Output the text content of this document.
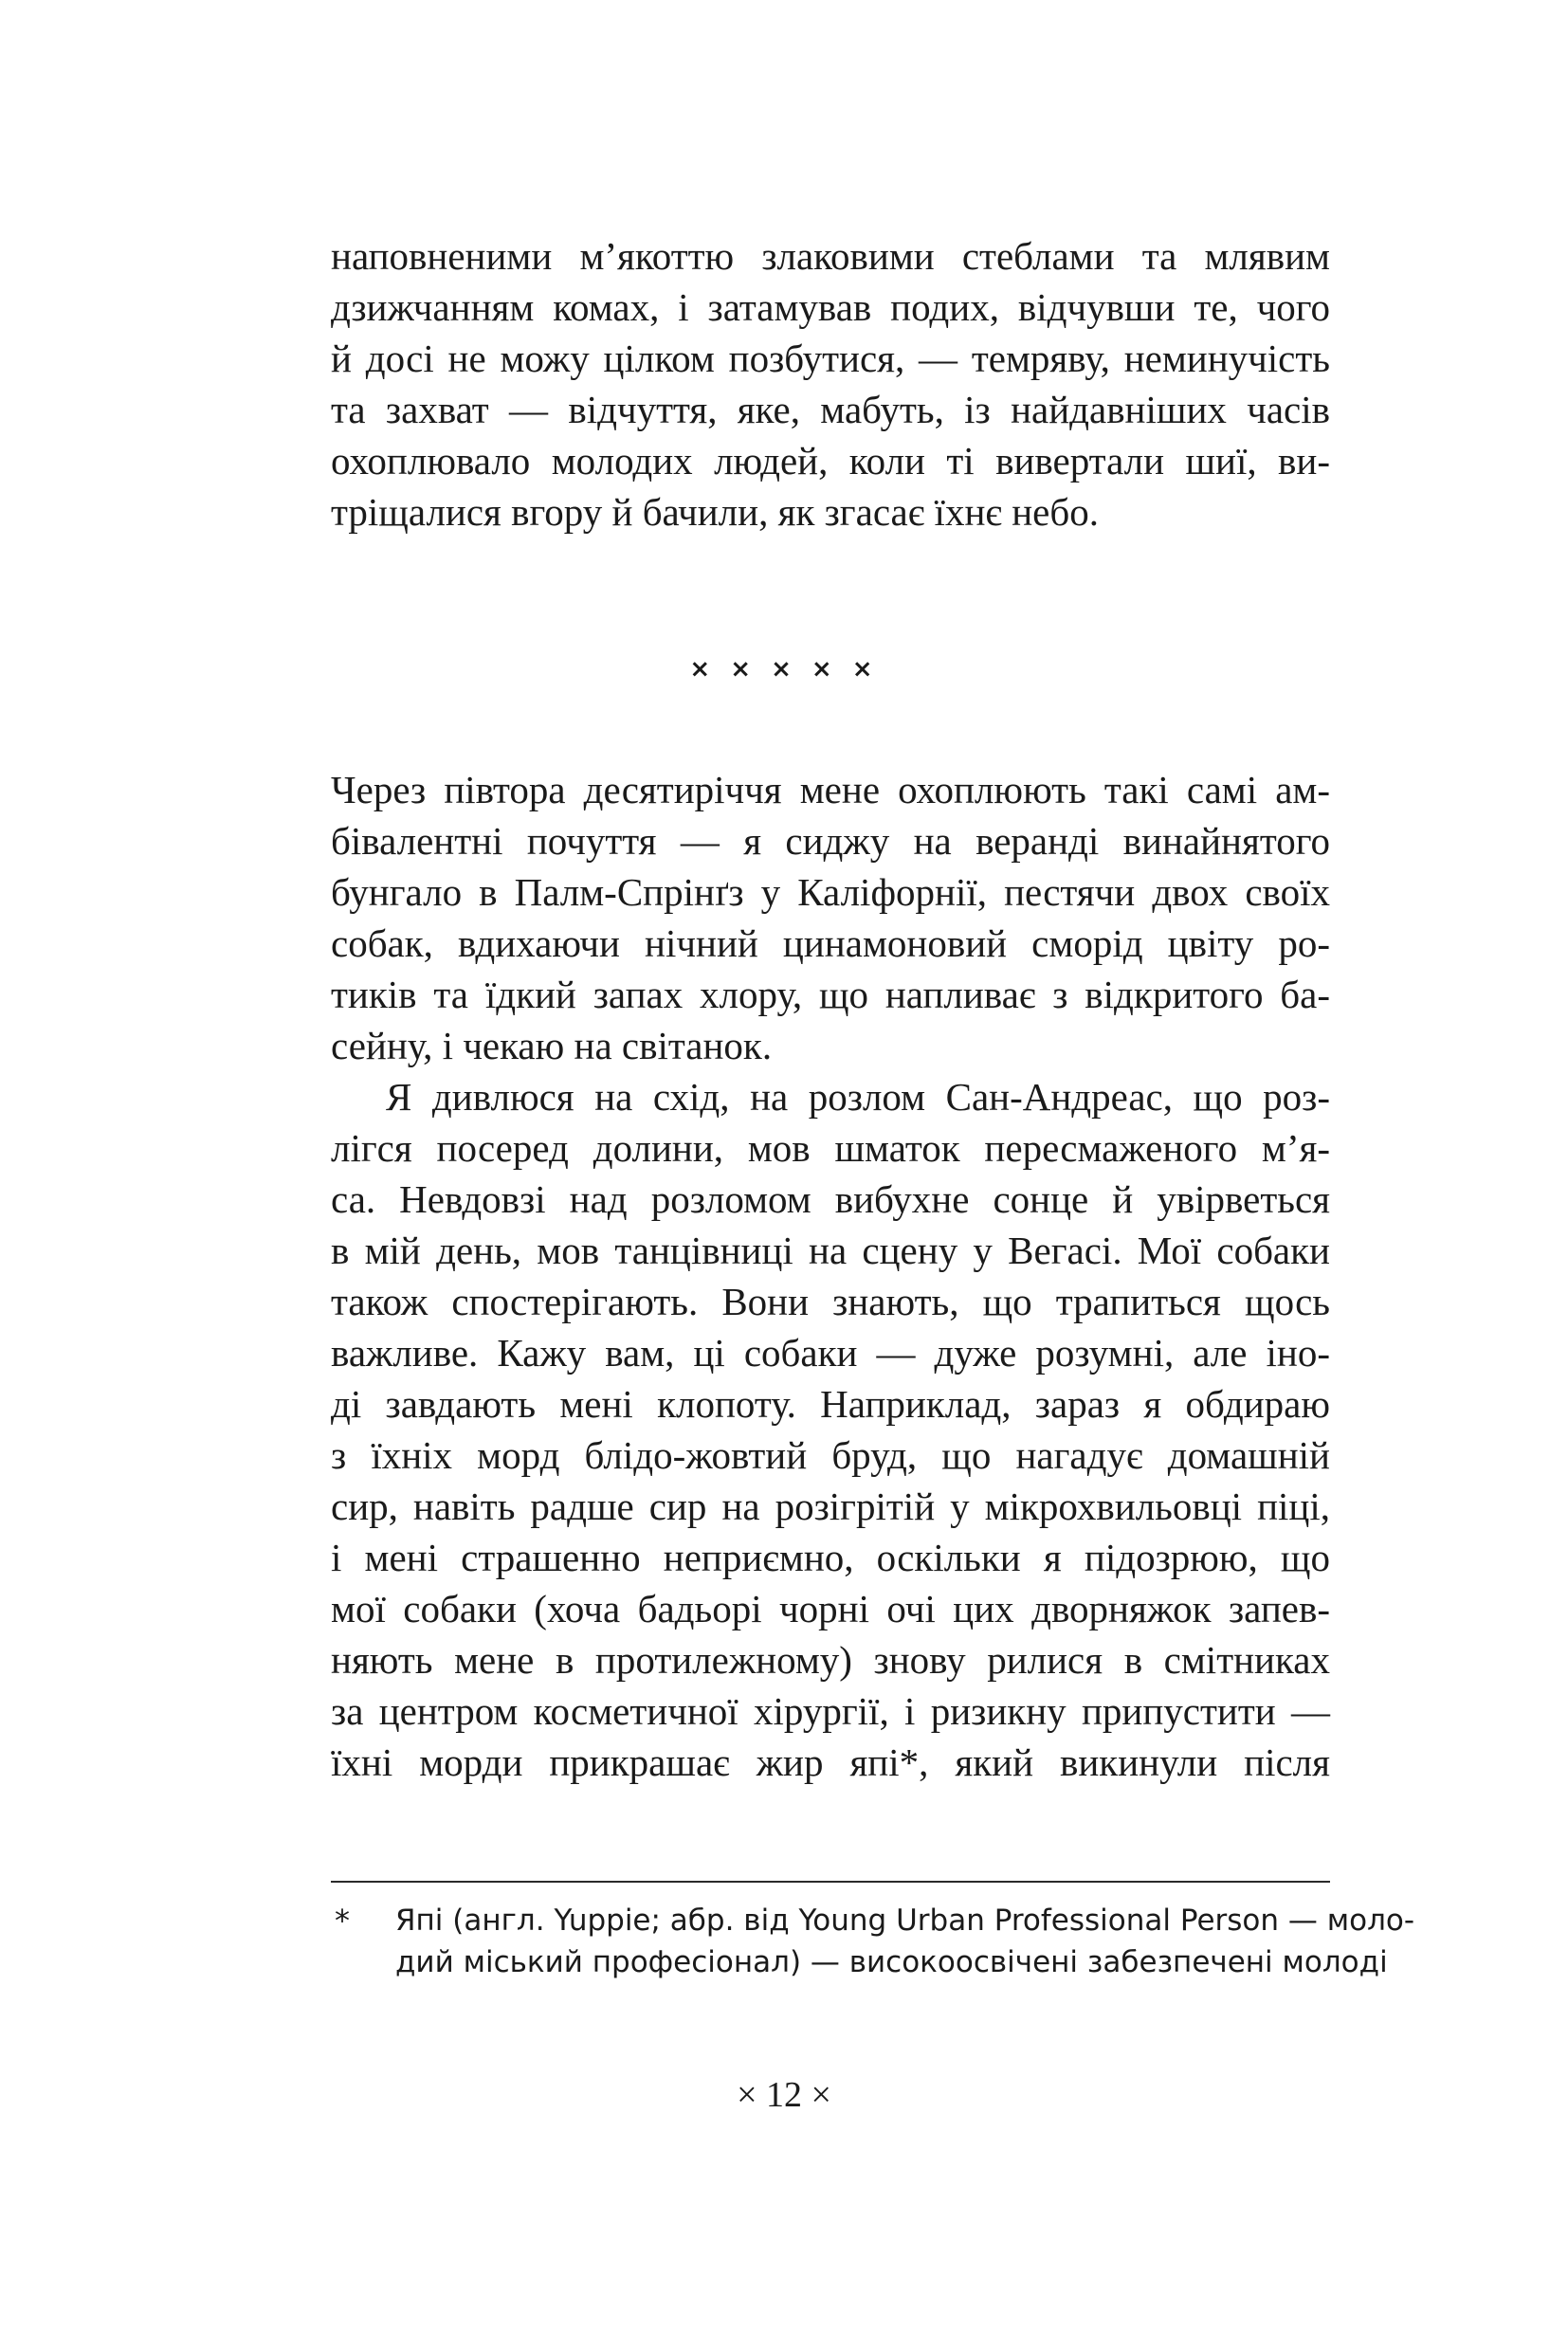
наповненими м’якоттю злаковими стеблами та млявим
дзижчанням комах, і затамував подих, відчувши те, чого
й досі не можу цілком позбутися, — темряву, неминучість
та захват — відчуття, яке, мабуть, із найдавніших часів
охоплювало молодих людей, коли ті вивертали шиї, ви-
тріщалися вгору й бачили, як згасає їхнє небо.
× × × × ×
Через півтора десятиріччя мене охоплюють такі самі ам-
бівалентні почуття — я сиджу на веранді винайнятого
бунгало в Палм-Спрінґз у Каліфорнії, пестячи двох своїх
собак, вдихаючи нічний цинамоновий сморід цвіту ро-
тиків та їдкий запах хлору, що напливає з відкритого ба-
сейну, і чекаю на світанок.
Я дивлюся на схід, на розлом Сан-Андреас, що роз-
лігся посеред долини, мов шматок пересмаженого м’я-
са. Невдовзі над розломом вибухне сонце й увірветься
в мій день, мов танцівниці на сцену у Вегасі. Мої собаки
також спостерігають. Вони знають, що трапиться щось
важливе. Кажу вам, ці собаки — дуже розумні, але іно-
ді завдають мені клопоту. Наприклад, зараз я обдираю
з їхніх морд блідо-жовтий бруд, що нагадує домашній
сир, навіть радше сир на розігрітій у мікрохвильовці піці,
і мені страшенно неприємно, оскільки я підозрюю, що
мої собаки (хоча бадьорі чорні очі цих дворняжок запев-
няють мене в протилежному) знову рилися в смітниках
за центром косметичної хірургії, і ризикну припустити —
їхні морди прикрашає жир япі*, який викинули після
* Япі (англ. Yuppie; абр. від Young Urban Professional Person — моло-
дий міський професіонал) — високоосвічені забезпечені молоді
× 12 ×
